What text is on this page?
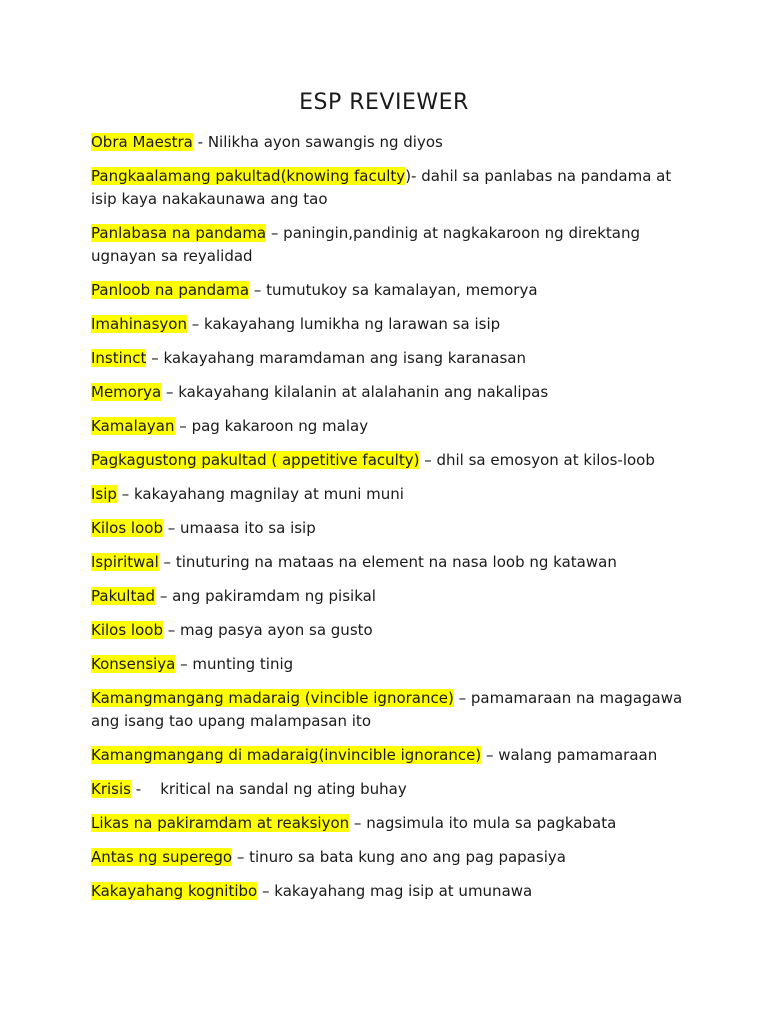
ESP REVIEWER
Obra Maestra - Nilikha ayon sawangis ng diyos
Pangkaalamang pakultad(knowing faculty)- dahil sa panlabas na pandama at isip kaya nakakaunawa ang tao
Panlabasa na pandama – paningin,pandinig at nagkakaroon ng direktang ugnayan sa reyalidad
Panloob na pandama – tumutukoy sa kamalayan, memorya
Imahinasyon – kakayahang lumikha ng larawan sa isip
Instinct – kakayahang maramdaman ang isang karanasan
Memorya – kakayahang kilalanin at alalahanin ang nakalipas
Kamalayan – pag kakaroon ng malay
Pagkagustong pakultad ( appetitive faculty) – dhil sa emosyon at kilos-loob
Isip – kakayahang magnilay at muni muni
Kilos loob – umaasa ito sa isip
Ispiritwal – tinuturing na mataas na element na nasa loob ng katawan
Pakultad – ang pakiramdam ng pisikal
Kilos loob – mag pasya ayon sa gusto
Konsensiya – munting tinig
Kamangmangang madaraig (vincible ignorance) – pamamaraan na magagawa ang isang tao upang malampasan ito
Kamangmangang di madaraig(invincible ignorance) – walang pamamaraan
Krisis -    kritical na sandal ng ating buhay
Likas na pakiramdam at reaksiyon – nagsimula ito mula sa pagkabata
Antas ng superego – tinuro sa bata kung ano ang pag papasiya
Kakayahang kognitibo – kakayahang mag isip at umunawa
